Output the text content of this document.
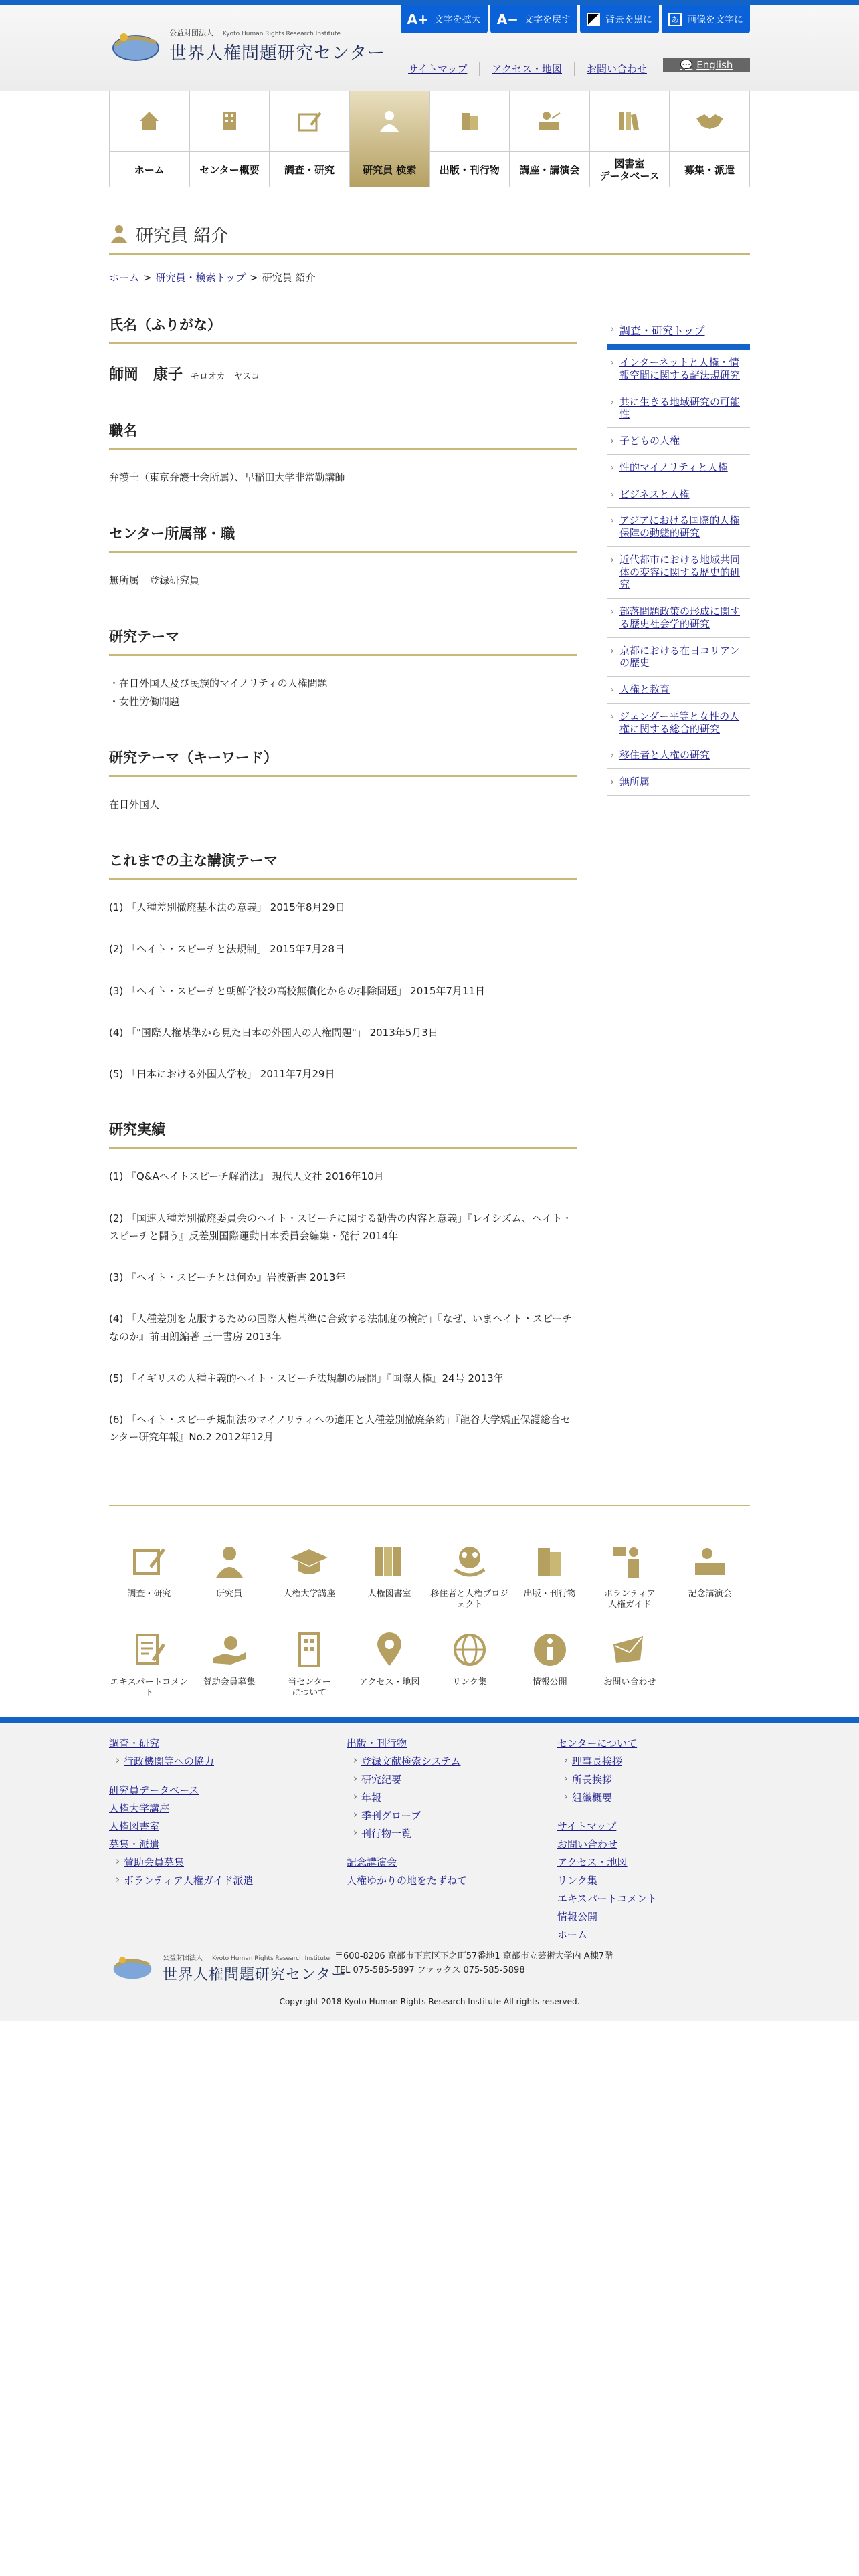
公益財団法人 Kyoto Human Rights Research Institute
世界人権問題研究センター
A+ 文字を拡大 A− 文字を戻す	背景を黒に	あ 画像を文字に
サイトマップ	アクセス・地図	お問い合わせ	💬 English
ホーム	センター概要	調査・研究	研究員 検索	出版・刊行物	講座・講演会	図書室
データベース	募集・派遣
研究員 紹介
ホーム > 研究員・検索トップ > 研究員 紹介
氏名（ふりがな）
師岡　康子 モロオカ　ヤスコ
職名

弁護士（東京弁護士会所属）、早稲田大学非常勤講師

センター所属部・職

無所属　登録研究員

研究テーマ

・在日外国人及び民族的マイノリティの人権問題

・女性労働問題

研究テーマ（キーワード）

在日外国人

これまでの主な講演テーマ

(1) 「人種差別撤廃基本法の意義」 2015年8月29日

(2) 「ヘイト・スピーチと法規制」 2015年7月28日

(3) 「ヘイト・スピーチと朝鮮学校の高校無償化からの排除問題」 2015年7月11日

(4) 「"国際人権基準から見た日本の外国人の人権問題"」 2013年5月3日

(5) 「日本における外国人学校」 2011年7月29日

研究実績

(1) 『Q&Aヘイトスピーチ解消法』 現代人文社 2016年10月

(2) 「国連人種差別撤廃委員会のヘイト・スピーチに関する勧告の内容と意義」『レイシズム、ヘイト・スピーチと闘う』反差別国際運動日本委員会編集・発行 2014年

(3) 『ヘイト・スピーチとは何か』岩波新書 2013年

(4) 「人種差別を克服するための国際人権基準に合致する法制度の検討」『なぜ、いまヘイト・スピーチなのか』前田朗編著 三一書房 2013年

(5) 「イギリスの人種主義的ヘイト・スピーチ法規制の展開」『国際人権』24号 2013年

(6) 「ヘイト・スピーチ規制法のマイノリティへの適用と人種差別撤廃条約」『龍谷大学矯正保護総合センター研究年報』No.2 2012年12月

› 調査・研究トップ
› インターネットと人権・情報空間に関する諸法規研究
› 共に生きる地域研究の可能性
› 子どもの人権
› 性的マイノリティと人権
› ビジネスと人権
› アジアにおける国際的人権保障の動態的研究
› 近代都市における地域共同体の変容に関する歴史的研究
› 部落問題政策の形成に関する歴史社会学的研究
› 京都における在日コリアンの歴史
› 人権と教育
› ジェンダー平等と女性の人権に関する総合的研究
› 移住者と人権の研究
› 無所属
調査・研究	研究員	人権大学講座	人権図書室 移住者と人権プロジェクト
出版・刊行物	ボランティア
人権ガイド
記念講演会
エキスパートコメント
賛助会員募集	当センター
について
アクセス・地図	リンク集	情報公開	お問い合わせ
調査・研究
› 行政機関等への協力
研究員データベース
人権大学講座
人権図書室
募集・派遣
› 賛助会員募集
› ボランティア人権ガイド派遣
出版・刊行物
› 登録文献検索システム
› 研究紀要
› 年報
› 季刊グローブ
› 刊行物一覧
記念講演会
人権ゆかりの地をたずねて
センターについて
› 理事長挨拶
› 所長挨拶
› 組織概要
サイトマップ
お問い合わせ
アクセス・地図
リンク集
エキスパートコメント
情報公開
ホーム
公益財団法人 Kyoto Human Rights Research Institute
世界人権問題研究センター
〒600-8206 京都市下京区下之町57番地1 京都市立芸術大学内 A棟7階
TEL 075-585-5897 ファックス 075-585-5898
Copyright 2018 Kyoto Human Rights Research Institute All rights reserved.
